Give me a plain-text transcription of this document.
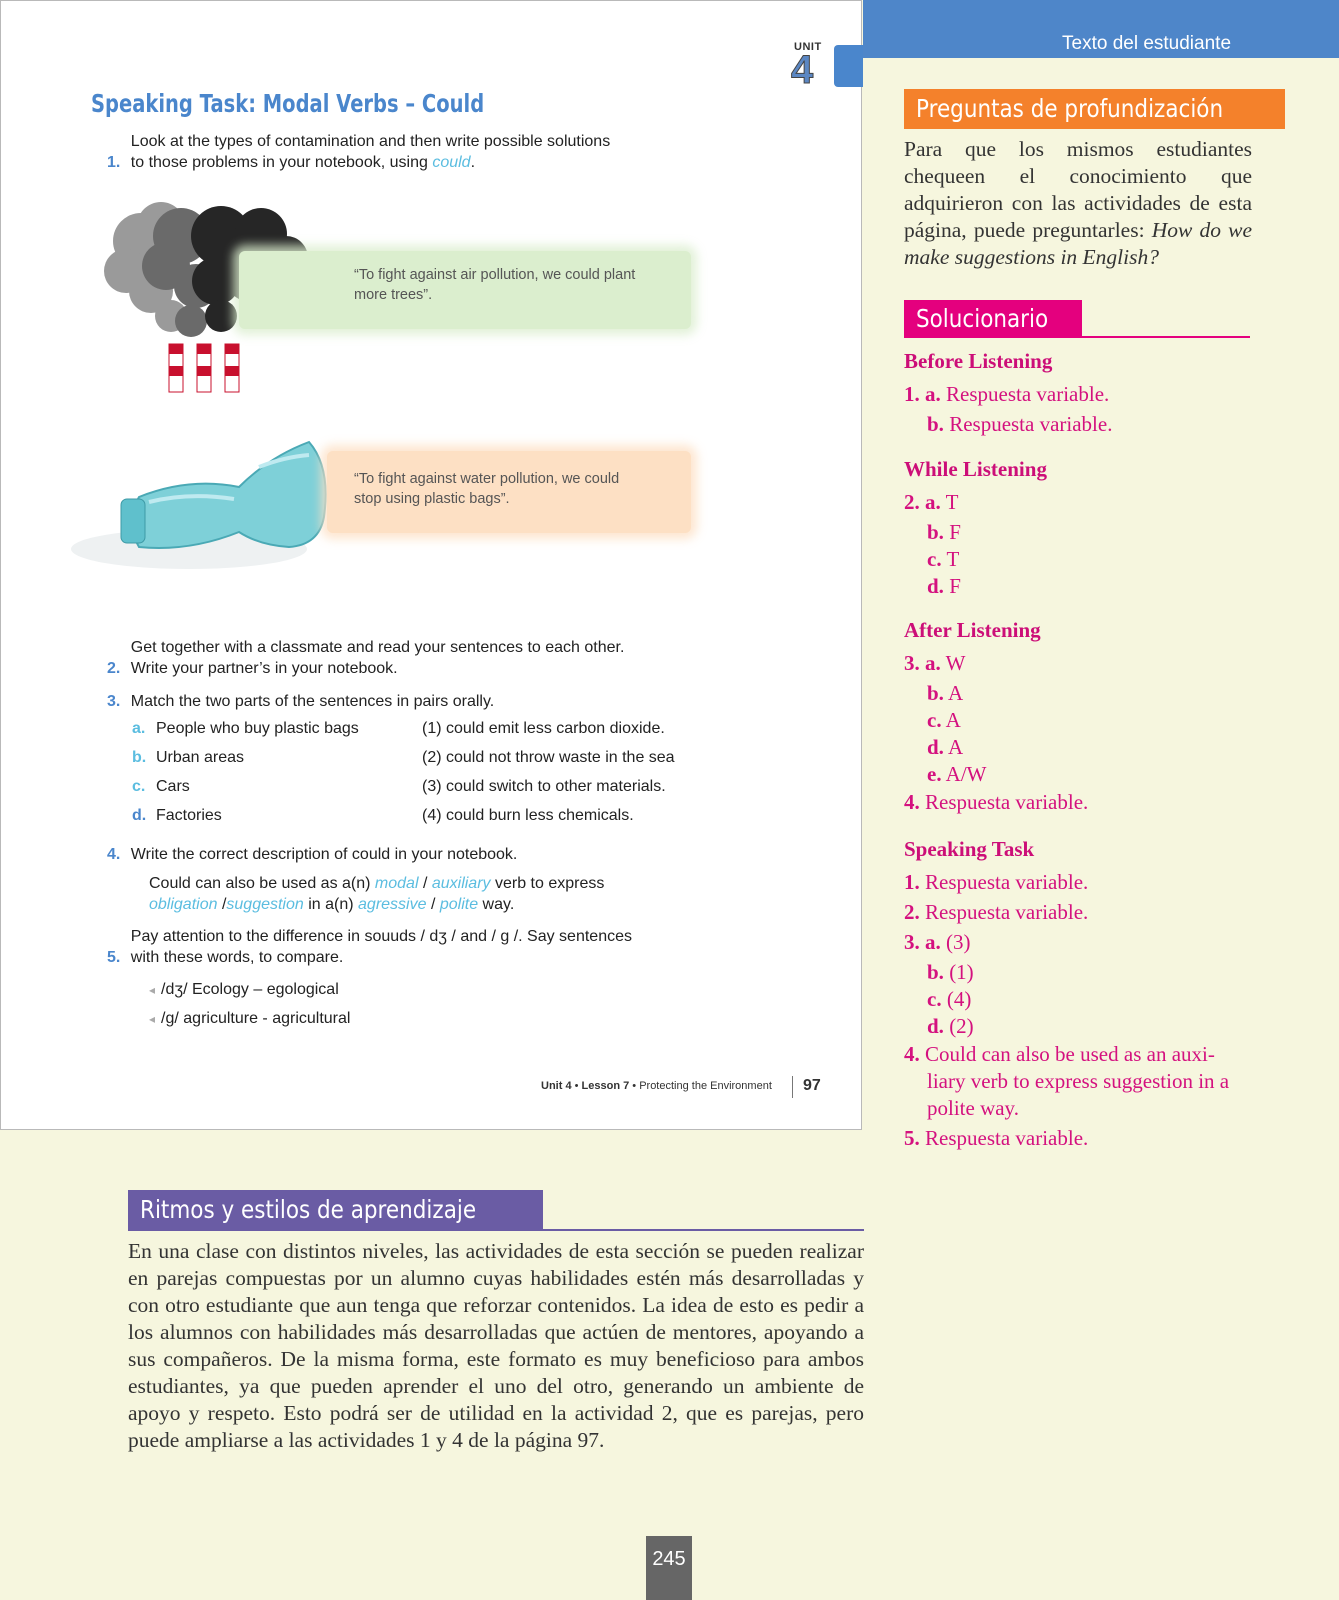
UNIT
4
Speaking Task: Modal Verbs – Could
1. Look at the types of contamination and then write possible solutions
to those problems in your notebook, using could.
“To fight against air pollution, we could plant
more trees”.
“To fight against water pollution, we could
stop using plastic bags”.
2. Get together with a classmate and read your sentences to each other.
Write your partner’s in your notebook.
3. Match the two parts of the sentences in pairs orally.
a. People who buy plastic bags
b. Urban areas
c. Cars
d. Factories
(1) could emit less carbon dioxide.
(2) could not throw waste in the sea
(3) could switch to other materials.
(4) could burn less chemicals.
4. Write the correct description of could in your notebook.
Could can also be used as a(n) modal / auxiliary verb to express
obligation /suggestion in a(n) agressive / polite way.
5. Pay attention to the difference in souuds / dʒ / and / g /. Say sentences
with these words, to compare.
◂ /dʒ/ Ecology – egological
◂ /g/ agriculture - agricultural
Unit 4 • Lesson 7 • Protecting the Environment 97
Texto del estudiante
Preguntas de profundización
Para que los mismos estudiantes chequeen el conocimiento que adquirieron con las actividades de esta página, puede preguntarles: How do we make suggestions in English?
Solucionario
Before Listening
1. a. Respuesta variable.
b. Respuesta variable.
While Listening
2. a. T
b. F
c. T
d. F
After Listening
3. a. W
b. A
c. A
d. A
e. A/W
4. Respuesta variable.
Speaking Task
1. Respuesta variable.
2. Respuesta variable.
3. a. (3)
b. (1)
c. (4)
d. (2)
4. Could can also be used as an auxi-
liary verb to express suggestion in a
polite way.
5. Respuesta variable.
Ritmos y estilos de aprendizaje
En una clase con distintos niveles, las actividades de esta sección se pueden realizar en parejas compuestas por un alumno cuyas habilidades estén más desarrolladas y con otro estudiante que aun tenga que reforzar contenidos. La idea de esto es pedir a los alumnos con habilidades más desarrolladas que actúen de mentores, apoyando a sus compañeros. De la misma forma, este formato es muy beneficioso para ambos estudiantes, ya que pueden aprender el uno del otro, generando un ambiente de apoyo y respeto. Esto podrá ser de utilidad en la actividad 2, que es parejas, pero puede ampliarse a las actividades 1 y 4 de la página 97.
245
